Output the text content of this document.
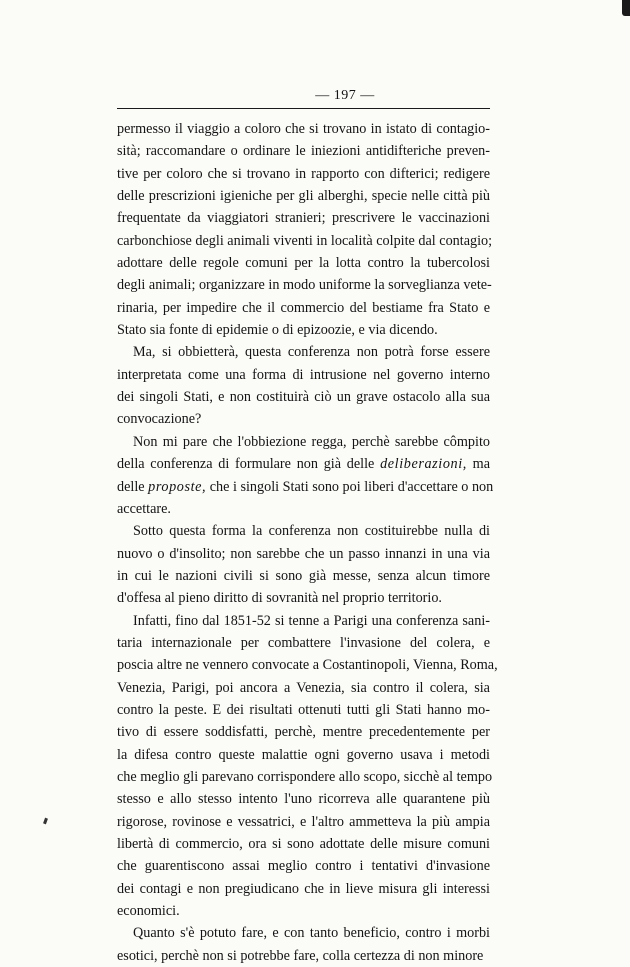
— 197 —
permesso il viaggio a coloro che si trovano in istato di contagio-
sità; raccomandare o ordinare le iniezioni antidifteriche preven-
tive per coloro che si trovano in rapporto con difterici; redigere
delle prescrizioni igieniche per gli alberghi, specie nelle città più
frequentate da viaggiatori stranieri; prescrivere le vaccinazioni
carbonchiose degli animali viventi in località colpite dal contagio;
adottare delle regole comuni per la lotta contro la tubercolosi
degli animali; organizzare in modo uniforme la sorveglianza vete-
rinaria, per impedire che il commercio del bestiame fra Stato e
Stato sia fonte di epidemie o di epizoozie, e via dicendo.
Ma, si obbietterà, questa conferenza non potrà forse essere
interpretata come una forma di intrusione nel governo interno
dei singoli Stati, e non costituirà ciò un grave ostacolo alla sua
convocazione?
Non mi pare che l'obbiezione regga, perchè sarebbe cômpito
della conferenza di formulare non già delle deliberazioni, ma
delle proposte, che i singoli Stati sono poi liberi d'accettare o non
accettare.
Sotto questa forma la conferenza non costituirebbe nulla di
nuovo o d'insolito; non sarebbe che un passo innanzi in una via
in cui le nazioni civili si sono già messe, senza alcun timore
d'offesa al pieno diritto di sovranità nel proprio territorio.
Infatti, fino dal 1851-52 si tenne a Parigi una conferenza sani-
taria internazionale per combattere l'invasione del colera, e
poscia altre ne vennero convocate a Costantinopoli, Vienna, Roma,
Venezia, Parigi, poi ancora a Venezia, sia contro il colera, sia
contro la peste. E dei risultati ottenuti tutti gli Stati hanno mo-
tivo di essere soddisfatti, perchè, mentre precedentemente per
la difesa contro queste malattie ogni governo usava i metodi
che meglio gli parevano corrispondere allo scopo, sicchè al tempo
stesso e allo stesso intento l'uno ricorreva alle quarantene più
rigorose, rovinose e vessatrici, e l'altro ammetteva la più ampia
libertà di commercio, ora si sono adottate delle misure comuni
che guarentiscono assai meglio contro i tentativi d'invasione
dei contagi e non pregiudicano che in lieve misura gli interessi
economici.
Quanto s'è potuto fare, e con tanto beneficio, contro i morbi
esotici, perchè non si potrebbe fare, colla certezza di non minore
